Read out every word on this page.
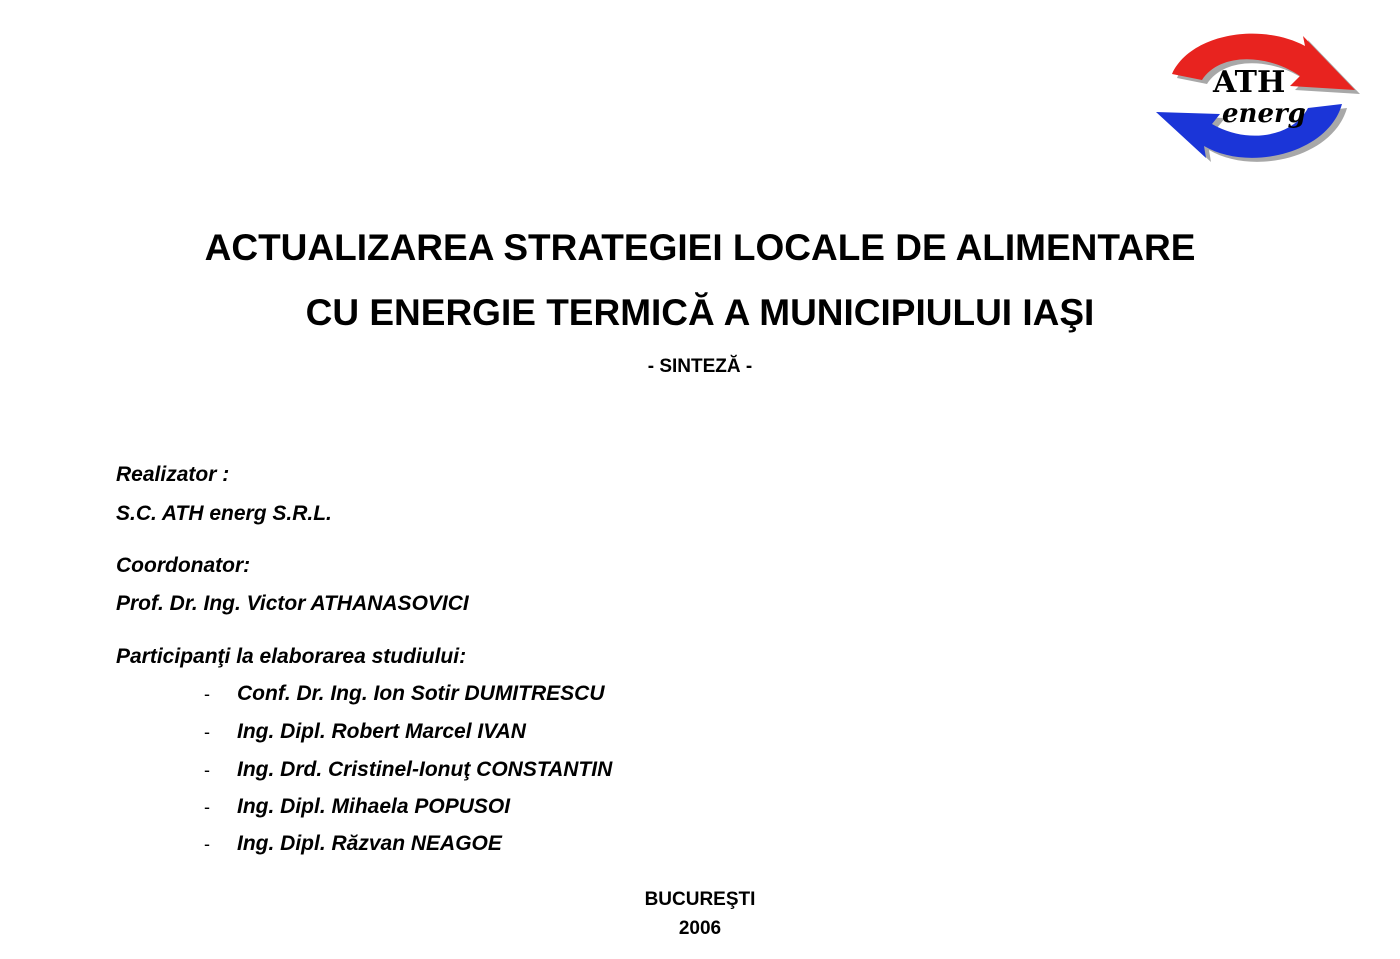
ATH
energ
ACTUALIZAREA STRATEGIEI LOCALE DE ALIMENTARE
CU ENERGIE TERMICĂ A MUNICIPIULUI IAŞI
- SINTEZĂ -
Realizator :
S.C. ATH energ S.R.L.
Coordonator:
Prof. Dr. Ing. Victor ATHANASOVICI
Participanţi la elaborarea studiului:
- Conf. Dr. Ing. Ion Sotir DUMITRESCU
- Ing. Dipl. Robert Marcel IVAN
- Ing. Drd. Cristinel-Ionuţ CONSTANTIN
- Ing. Dipl. Mihaela POPUSOI
- Ing. Dipl. Răzvan NEAGOE
BUCUREŞTI
2006
